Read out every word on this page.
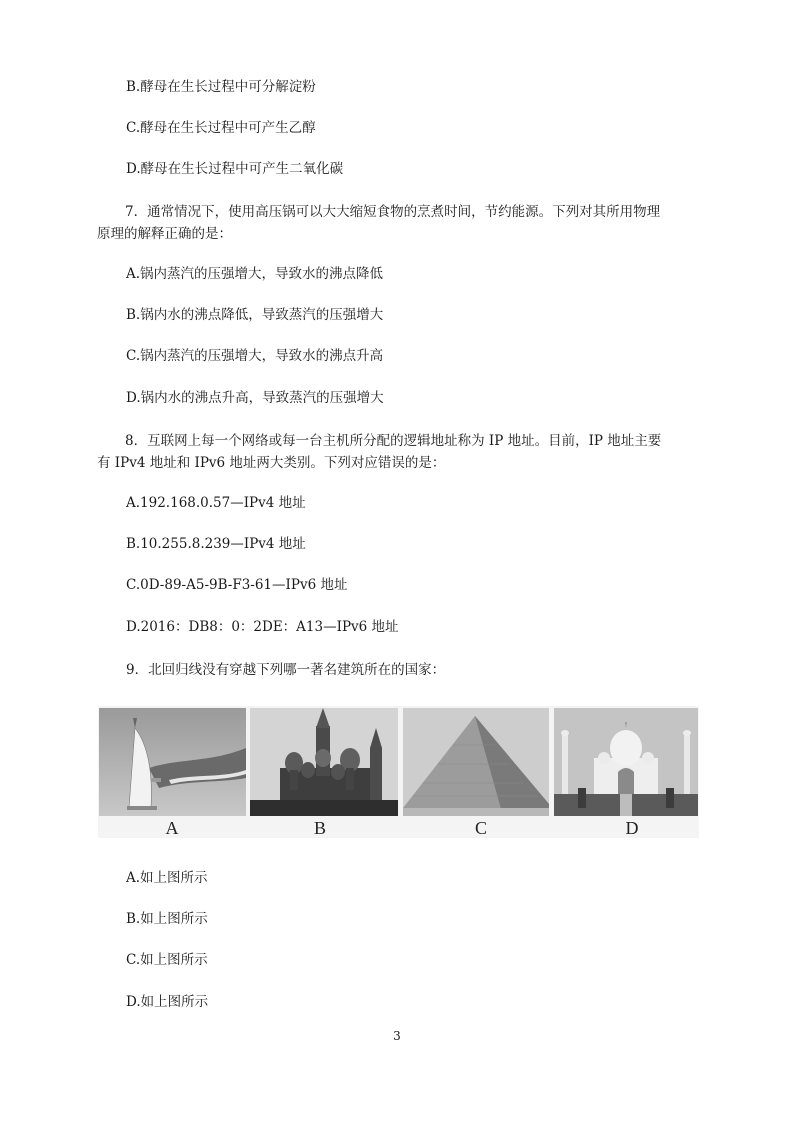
B.酵母在生长过程中可分解淀粉
C.酵母在生长过程中可产生乙醇
D.酵母在生长过程中可产生二氧化碳
7．通常情况下，使用高压锅可以大大缩短食物的烹煮时间，节约能源。下列对其所用物理
原理的解释正确的是：
A.锅内蒸汽的压强增大，导致水的沸点降低
B.锅内水的沸点降低，导致蒸汽的压强增大
C.锅内蒸汽的压强增大，导致水的沸点升高
D.锅内水的沸点升高，导致蒸汽的压强增大
8．互联网上每一个网络或每一台主机所分配的逻辑地址称为 IP 地址。目前，IP 地址主要
有 IPv4 地址和 IPv6 地址两大类别。下列对应错误的是：
A.192.168.0.57—IPv4 地址
B.10.255.8.239—IPv4 地址
C.0D-89-A5-9B-F3-61—IPv6 地址
D.2016：DB8：0：2DE：A13—IPv6 地址
9．北回归线没有穿越下列哪一著名建筑所在的国家：
A	B	C	D
A.如上图所示
B.如上图所示
C.如上图所示
D.如上图所示
3
